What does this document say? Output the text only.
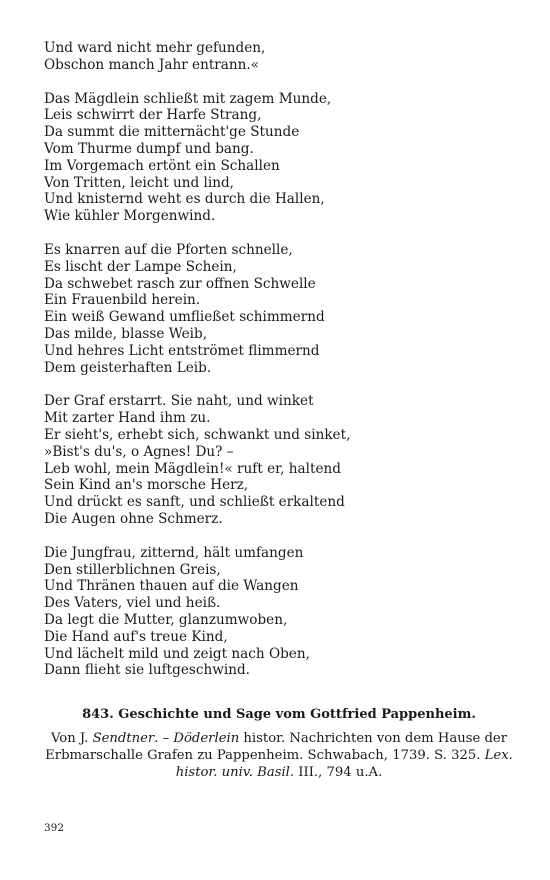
Und ward nicht mehr gefunden,
Obschon manch Jahr entrann.«
Das Mägdlein schließt mit zagem Munde,
Leis schwirrt der Harfe Strang,
Da summt die mitternächt'ge Stunde
Vom Thurme dumpf und bang.
Im Vorgemach ertönt ein Schallen
Von Tritten, leicht und lind,
Und knisternd weht es durch die Hallen,
Wie kühler Morgenwind.
Es knarren auf die Pforten schnelle,
Es lischt der Lampe Schein,
Da schwebet rasch zur offnen Schwelle
Ein Frauenbild herein.
Ein weiß Gewand umfließet schimmernd
Das milde, blasse Weib,
Und hehres Licht entströmet flimmernd
Dem geisterhaften Leib.
Der Graf erstarrt. Sie naht, und winket
Mit zarter Hand ihm zu.
Er sieht's, erhebt sich, schwankt und sinket,
»Bist's du's, o Agnes! Du? –
Leb wohl, mein Mägdlein!« ruft er, haltend
Sein Kind an's morsche Herz,
Und drückt es sanft, und schließt erkaltend
Die Augen ohne Schmerz.
Die Jungfrau, zitternd, hält umfangen
Den stillerblichnen Greis,
Und Thränen thauen auf die Wangen
Des Vaters, viel und heiß.
Da legt die Mutter, glanzumwoben,
Die Hand auf's treue Kind,
Und lächelt mild und zeigt nach Oben,
Dann flieht sie luftgeschwind.
843. Geschichte und Sage vom Gottfried Pappenheim.
Von J. Sendtner. – Döderlein histor. Nachrichten von dem Hause der Erbmarschalle Grafen zu Pappenheim. Schwabach, 1739. S. 325. Lex. histor. univ. Basil. III., 794 u.A.
392
